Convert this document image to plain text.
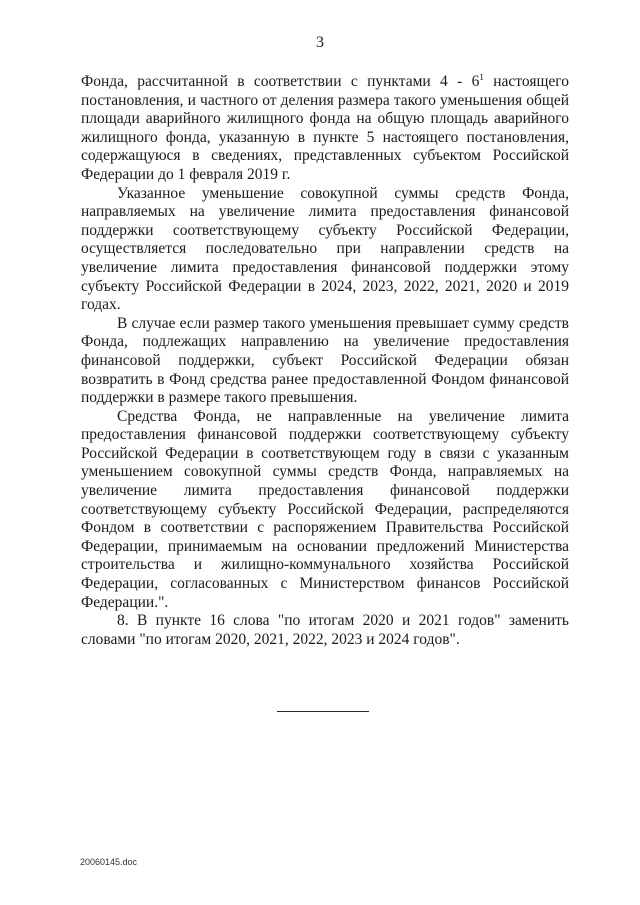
3

Фонда, рассчитанной в соответствии с пунктами $4 - 6^1$ настоящего постановления, и частного от деления размера такого уменьшения общей площади аварийного жилищного фонда на общую площадь аварийного жилищного фонда, указанную в пункте 5 настоящего постановления, содержащуюся в сведениях, представленных субъектом Российской Федерации до 1 февраля 2019 г.

Указанное уменьшение совокупной суммы средств Фонда, направляемых на увеличение лимита предоставления финансовой поддержки соответствующему субъекту Российской Федерации, осуществляется последовательно при направлении средств на увеличение лимита предоставления финансовой поддержки этому субъекту Российской Федерации в 2024, 2023, 2022, 2021, 2020 и 2019 годах.

В случае если размер такого уменьшения превышает сумму средств Фонда, подлежащих направлению на увеличение предоставления финансовой поддержки, субъект Российской Федерации обязан возвратить в Фонд средства ранее предоставленной Фондом финансовой поддержки в размере такого превышения.

Средства Фонда, не направленные на увеличение лимита предоставления финансовой поддержки соответствующему субъекту Российской Федерации в соответствующем году в связи с указанным уменьшением совокупной суммы средств Фонда, направляемых на увеличение лимита предоставления финансовой поддержки соответствующему субъекту Российской Федерации, распределяются Фондом в соответствии с распоряжением Правительства Российской Федерации, принимаемым на основании предложений Министерства строительства и жилищно-коммунального хозяйства Российской Федерации, согласованных с Министерством финансов Российской Федерации.".

8. В пункте 16 слова "по итогам 2020 и 2021 годов" заменить словами "по итогам 2020, 2021, 2022, 2023 и 2024 годов".

20060145.doc
